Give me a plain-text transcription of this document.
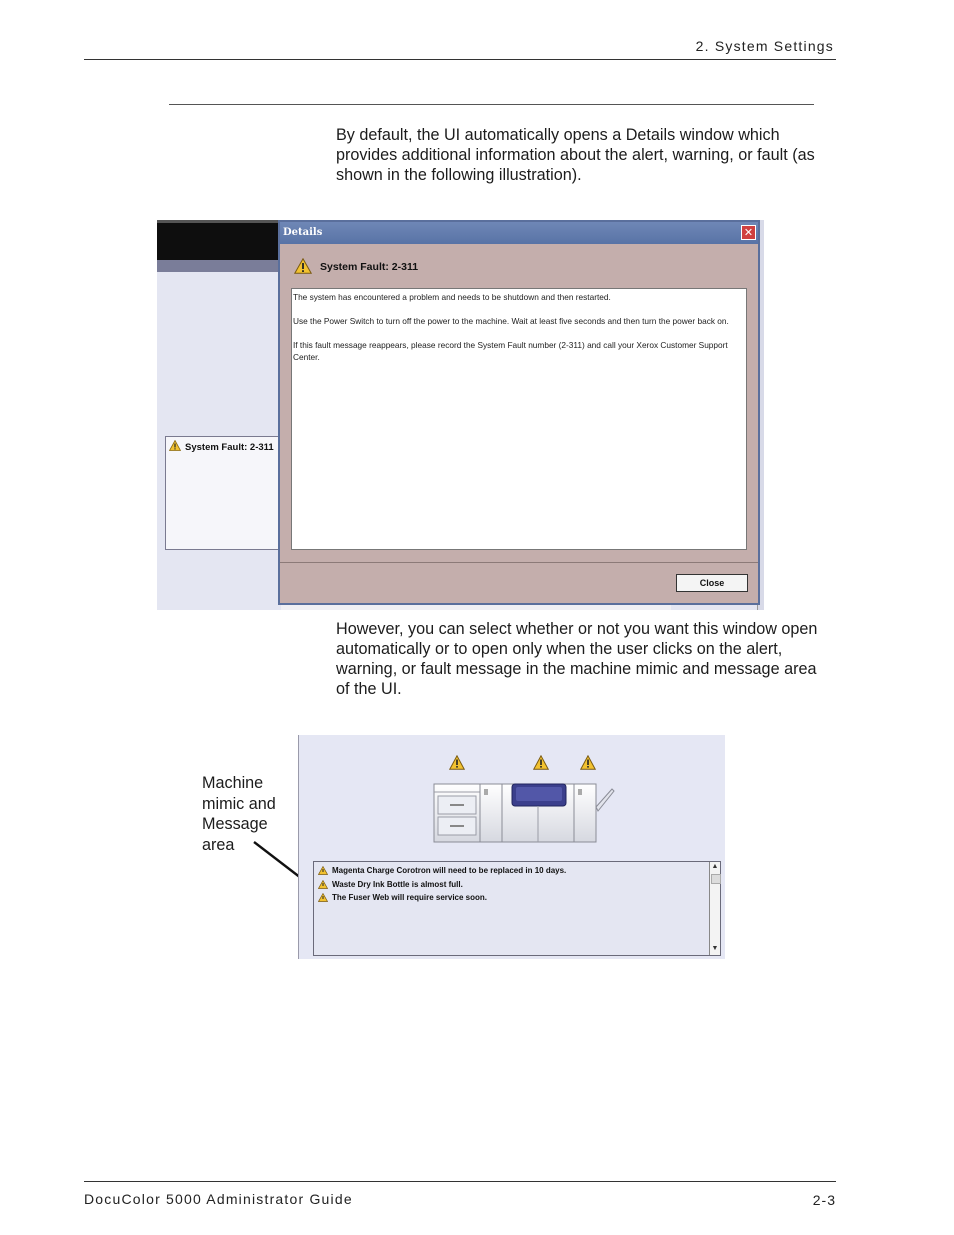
2. System Settings
By default, the UI automatically opens a Details window which provides additional information about the alert, warning, or fault (as shown in the following illustration).
System Fault: 2-311
Details	✕
System Fault: 2-311

The system has encountered a problem and needs to be shutdown and then restarted.

Use the Power Switch to turn off the power to the machine. Wait at least five seconds and then turn the power back on.

If this fault message reappears, please record the System Fault number (2-311) and call your Xerox Customer Support Center.

Close
However, you can select whether or not you want this window open automatically or to open only when the user clicks on the alert, warning, or fault message in the machine mimic and message area of the UI.
Machine mimic and Message area
Magenta Charge Corotron will need to be replaced in 10 days.
Waste Dry Ink Bottle is almost full.
The Fuser Web will require service soon.
▲
▼
DocuColor 5000 Administrator Guide	2-3
